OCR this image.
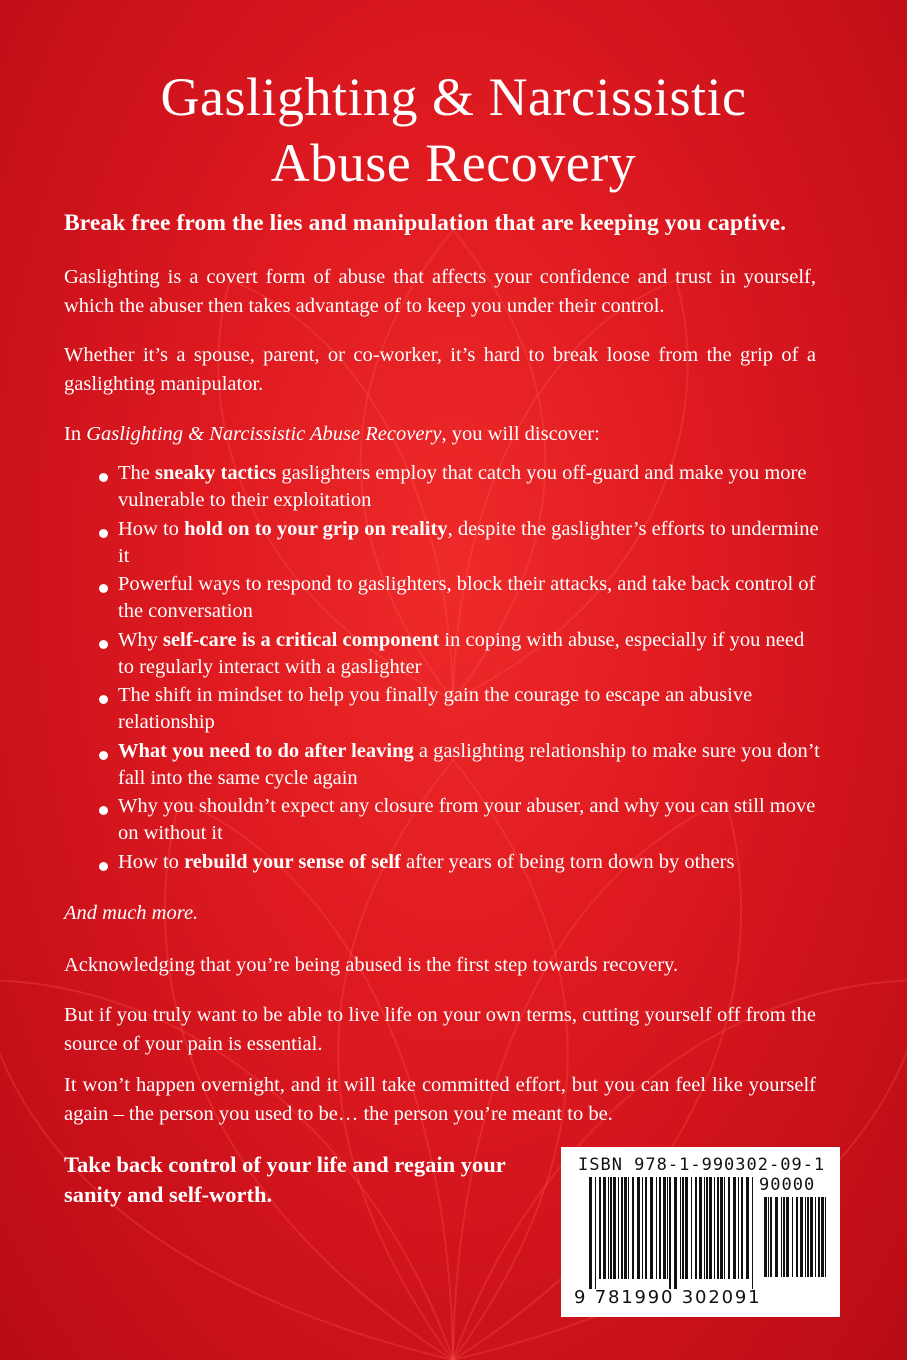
Gaslighting & Narcissistic
Abuse Recovery

Break free from the lies and manipulation that are keeping you captive.

Gaslighting is a covert form of abuse that affects your confidence and trust in yourself, which the abuser then takes advantage of to keep you under their control.

Whether it’s a spouse, parent, or co-worker, it’s hard to break loose from the grip of a gaslighting manipulator.

In Gaslighting & Narcissistic Abuse Recovery, you will discover:

The sneaky tactics gaslighters employ that catch you off-guard and make you more vulnerable to their exploitation
How to hold on to your grip on reality, despite the gaslighter’s efforts to undermine it
Powerful ways to respond to gaslighters, block their attacks, and take back control of the conversation
Why self-care is a critical component in coping with abuse, especially if you need to regularly interact with a gaslighter
The shift in mindset to help you finally gain the courage to escape an abusive relationship
What you need to do after leaving a gaslighting relationship to make sure you don’t fall into the same cycle again
Why you shouldn’t expect any closure from your abuser, and why you can still move on without it
How to rebuild your sense of self after years of being torn down by others

And much more.

Acknowledging that you’re being abused is the first step towards recovery.

But if you truly want to be able to live life on your own terms, cutting yourself off from the source of your pain is essential.

It won’t happen overnight, and it will take committed effort, but you can feel like yourself again – the person you used to be… the person you’re meant to be.

Take back control of your life and regain your sanity and self-worth.

ISBN 978-1-990302-09-1
90000
9 781990 302091
